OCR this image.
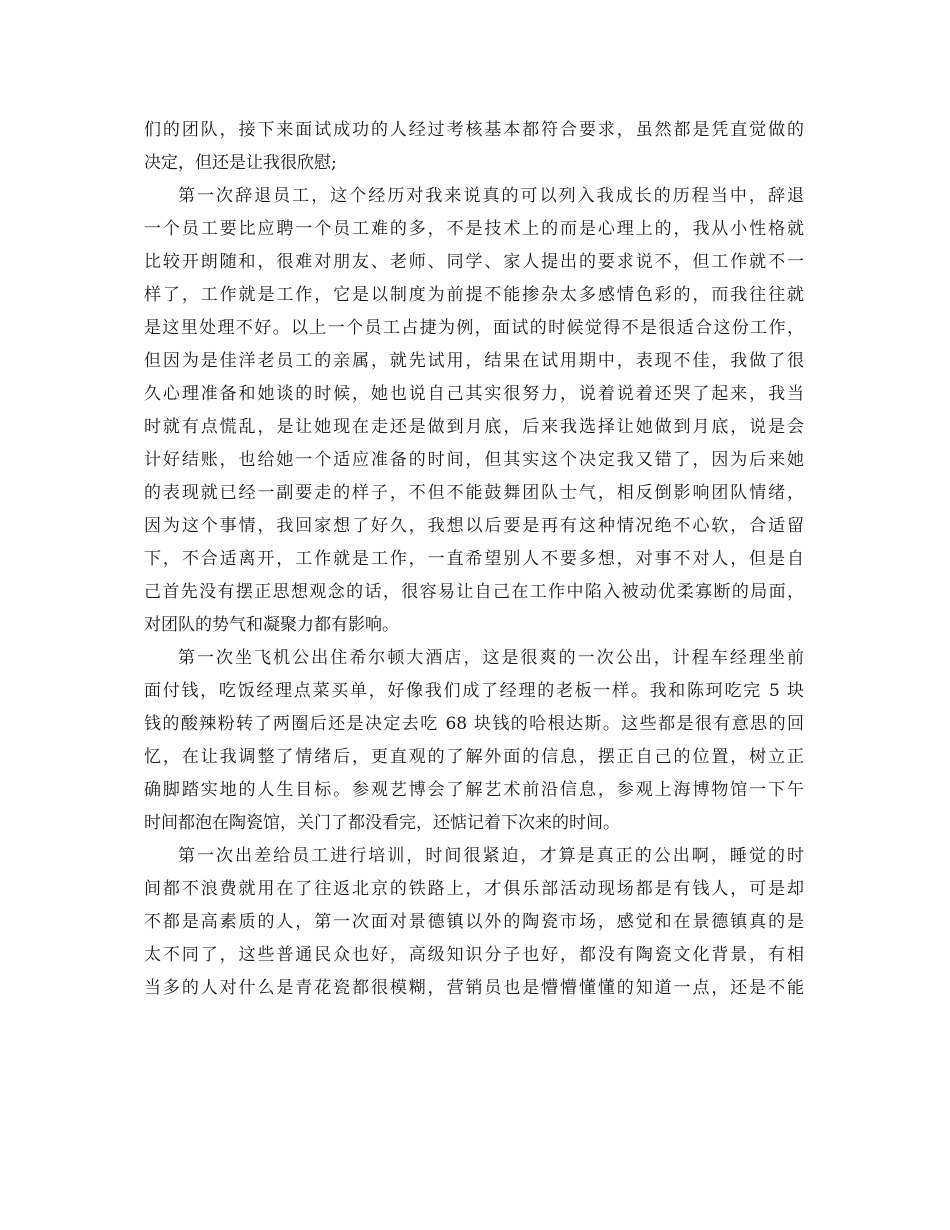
们的团队，接下来面试成功的人经过考核基本都符合要求，虽然都是凭直觉做的
决定，但还是让我很欣慰;
第一次辞退员工，这个经历对我来说真的可以列入我成长的历程当中，辞退
一个员工要比应聘一个员工难的多，不是技术上的而是心理上的，我从小性格就
比较开朗随和，很难对朋友、老师、同学、家人提出的要求说不，但工作就不一
样了，工作就是工作，它是以制度为前提不能掺杂太多感情色彩的，而我往往就
是这里处理不好。以上一个员工占捷为例，面试的时候觉得不是很适合这份工作，
但因为是佳洋老员工的亲属，就先试用，结果在试用期中，表现不佳，我做了很
久心理准备和她谈的时候，她也说自己其实很努力，说着说着还哭了起来，我当
时就有点慌乱，是让她现在走还是做到月底，后来我选择让她做到月底，说是会
计好结账，也给她一个适应准备的时间，但其实这个决定我又错了，因为后来她
的表现就已经一副要走的样子，不但不能鼓舞团队士气，相反倒影响团队情绪，
因为这个事情，我回家想了好久，我想以后要是再有这种情况绝不心软，合适留
下，不合适离开，工作就是工作，一直希望别人不要多想，对事不对人，但是自
己首先没有摆正思想观念的话，很容易让自己在工作中陷入被动优柔寡断的局面，
对团队的势气和凝聚力都有影响。
第一次坐飞机公出住希尔顿大酒店，这是很爽的一次公出，计程车经理坐前
面付钱，吃饭经理点菜买单，好像我们成了经理的老板一样。我和陈珂吃完 5 块
钱的酸辣粉转了两圈后还是决定去吃 68 块钱的哈根达斯。这些都是很有意思的回
忆，在让我调整了情绪后，更直观的了解外面的信息，摆正自己的位置，树立正
确脚踏实地的人生目标。参观艺博会了解艺术前沿信息，参观上海博物馆一下午
时间都泡在陶瓷馆，关门了都没看完，还惦记着下次来的时间。
第一次出差给员工进行培训，时间很紧迫，才算是真正的公出啊，睡觉的时
间都不浪费就用在了往返北京的铁路上，才俱乐部活动现场都是有钱人，可是却
不都是高素质的人，第一次面对景德镇以外的陶瓷市场，感觉和在景德镇真的是
太不同了，这些普通民众也好，高级知识分子也好，都没有陶瓷文化背景，有相
当多的人对什么是青花瓷都很模糊，营销员也是懵懵懂懂的知道一点，还是不能
